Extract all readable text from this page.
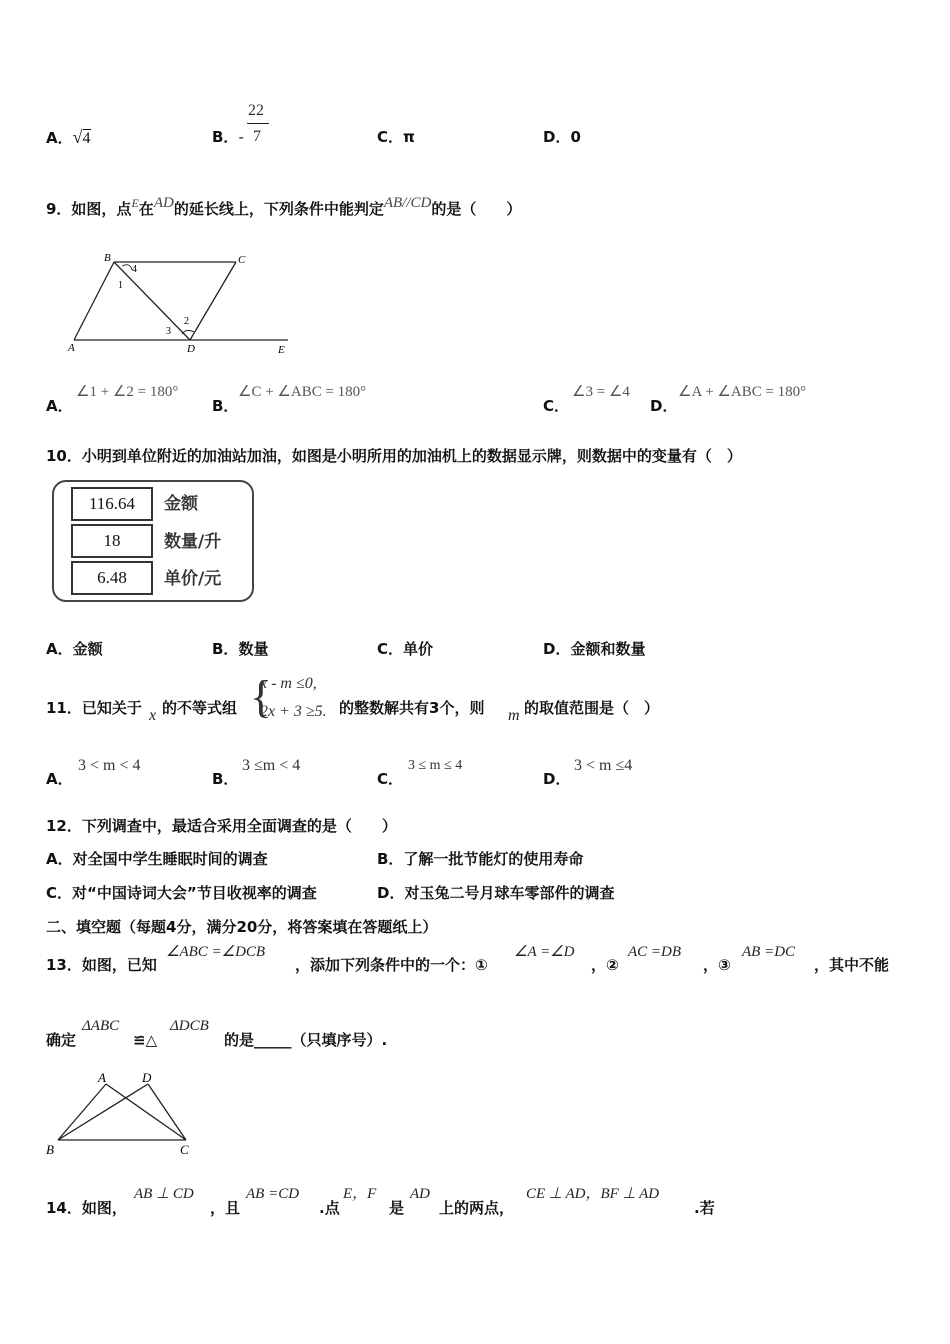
A．√4	B．-
22
7	C．π	D．0
9．如图，点$^E$在AD的延长线上，下列条件中能判定AB//CD的是（　　）
B	C
A	D	E
1
2
3
4
A．
∠1 + ∠2 = 180°
B．
∠C + ∠ABC = 180°
C．
∠3 = ∠4
D．
∠A + ∠ABC = 180°
10．小明到单位附近的加油站加油，如图是小明所用的加油机上的数据显示牌，则数据中的变量有（　）
116.64	金额
18	数量/升
6.48	单价/元
A．金额	B．数量	C．单价	D．金额和数量
11．已知关于 x 的不等式组 {
x - m ≤0,
2x + 3 ≥5. 的整数解共有3个，则 m 的取值范围是（　）
A．
3 < m < 4
B．
3 ≤m < 4
C．
3 ≤ m ≤ 4
D．
3 < m ≤4
12．下列调查中，最适合采用全面调查的是（　　）
A．对全国中学生睡眠时间的调查	B．了解一批节能灯的使用寿命
C．对“中国诗词大会”节目收视率的调查	D．对玉兔二号月球车零部件的调查
二、填空题（每题4分，满分20分，将答案填在答题纸上）
13．如图，已知
∠ABC =∠DCB
，添加下列条件中的一个：①
∠A =∠D
，②
AC =DB
，③
AB =DC
，其中不能
确定
ΔABC
≌△
ΔDCB
的是_____（只填序号）.
A	D
B	C
14．如图，
AB ⊥ CD
，且
AB =CD
.点
E，F
是
AD
上的两点，
CE ⊥ AD，BF ⊥ AD
.若
